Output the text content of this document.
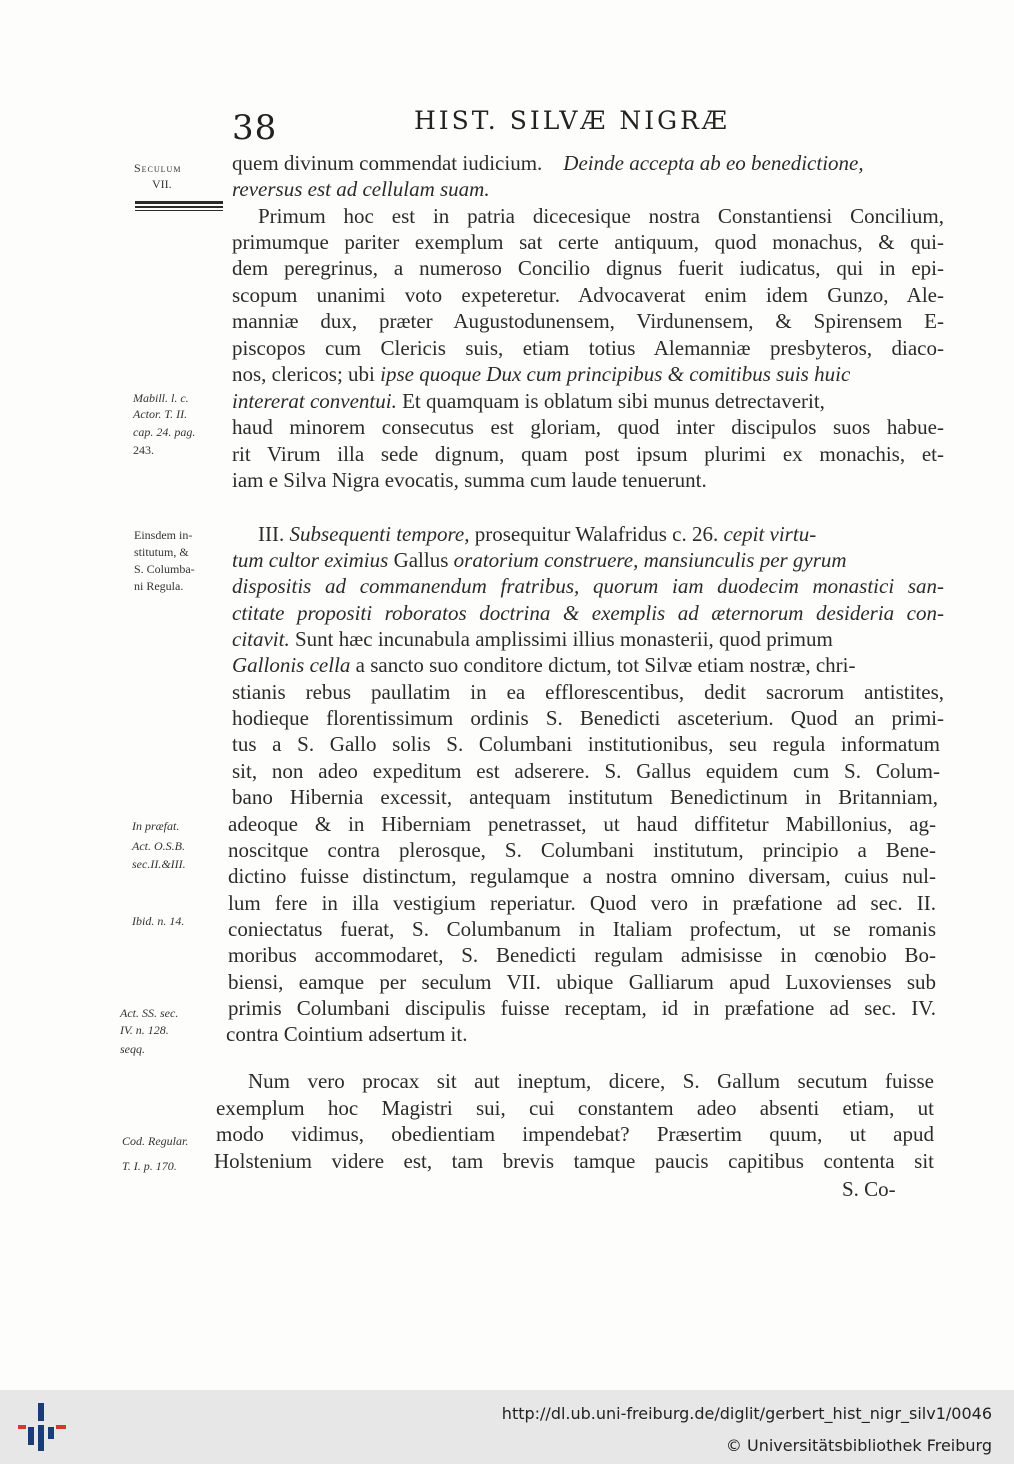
38	HIST. SILVÆ NIGRÆ
Seculum
VII.
quem divinum commendat iudicium. Deinde accepta ab eo benedictione,
reversus est ad cellulam suam.
Primum hoc est in patria dicecesique nostra Constantiensi Concilium,
primumque pariter exemplum sat certe antiquum, quod monachus, & qui-
dem peregrinus, a numeroso Concilio dignus fuerit iudicatus, qui in epi-
scopum unanimi voto expeteretur. Advocaverat enim idem Gunzo, Ale-
manniæ dux, præter Augustodunensem, Virdunensem, & Spirensem E-
piscopos cum Clericis suis, etiam totius Alemanniæ presbyteros, diaco-
nos, clericos; ubi ipse quoque Dux cum principibus & comitibus suis huic
intererat conventui. Et quamquam is oblatum sibi munus detrectaverit,
haud minorem consecutus est gloriam, quod inter discipulos suos habue-
rit Virum illa sede dignum, quam post ipsum plurimi ex monachis, et-
iam e Silva Nigra evocatis, summa cum laude tenuerunt.
Mabill. l. c.
Actor. T. II.
cap. 24. pag.
243.
III. Subsequenti tempore, prosequitur Walafridus c. 26. cepit virtu-
tum cultor eximius Gallus oratorium construere, mansiunculis per gyrum
dispositis ad commanendum fratribus, quorum iam duodecim monastici san-
ctitate propositi roboratos doctrina & exemplis ad æternorum desideria con-
citavit. Sunt hæc incunabula amplissimi illius monasterii, quod primum
Gallonis cella a sancto suo conditore dictum, tot Silvæ etiam nostræ, chri-
stianis rebus paullatim in ea efflorescentibus, dedit sacrorum antistites,
hodieque florentissimum ordinis S. Benedicti asceterium. Quod an primi-
tus a S. Gallo solis S. Columbani institutionibus, seu regula informatum
sit, non adeo expeditum est adserere. S. Gallus equidem cum S. Colum-
bano Hibernia excessit, antequam institutum Benedictinum in Britanniam,
adeoque & in Hiberniam penetrasset, ut haud diffitetur Mabillonius, ag-
noscitque contra plerosque, S. Columbani institutum, principio a Bene-
dictino fuisse distinctum, regulamque a nostra omnino diversam, cuius nul-
lum fere in illa vestigium reperiatur. Quod vero in præfatione ad sec. II.
coniectatus fuerat, S. Columbanum in Italiam profectum, ut se romanis
moribus accommodaret, S. Benedicti regulam admisisse in cœnobio Bo-
biensi, eamque per seculum VII. ubique Galliarum apud Luxovienses sub
primis Columbani discipulis fuisse receptam, id in præfatione ad sec. IV.
contra Cointium adsertum it.
Einsdem in-
stitutum, &
S. Columba-
ni Regula.
In præfat.
Act. O.S.B.
sec.II.&III.
Ibid. n. 14.
Act. SS. sec.
IV. n. 128.
seqq.
Num vero procax sit aut ineptum, dicere, S. Gallum secutum fuisse
exemplum hoc Magistri sui, cui constantem adeo absenti etiam, ut
modo vidimus, obedientiam impendebat? Præsertim quum, ut apud
Holstenium videre est, tam brevis tamque paucis capitibus contenta sit
S. Co-
Cod. Regular.
T. I. p. 170.
http://dl.ub.uni-freiburg.de/diglit/gerbert_hist_nigr_silv1/0046
© Universitätsbibliothek Freiburg
